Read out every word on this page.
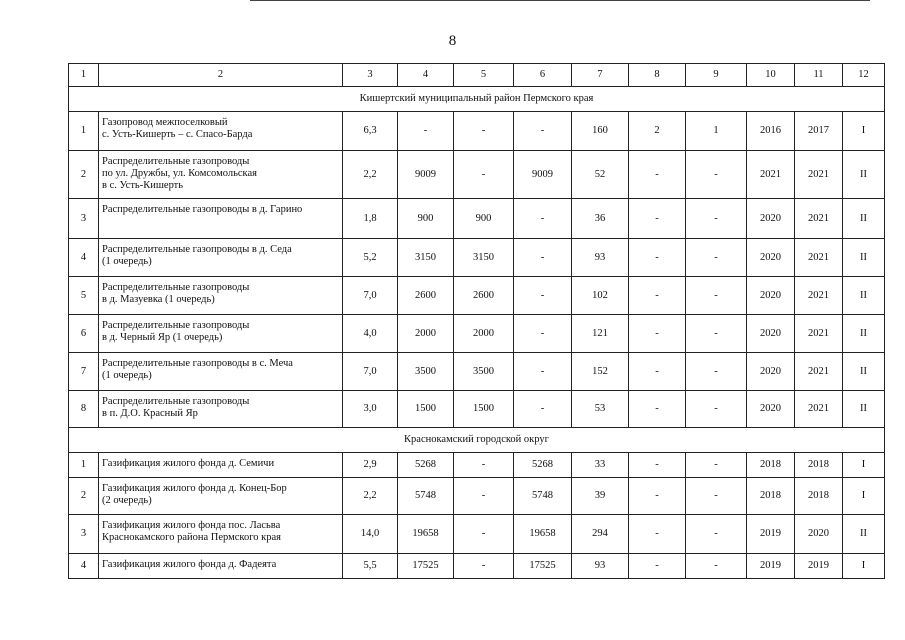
8
1	2	3	4	5	6	7	8	9	10	11	12
Кишертский муниципальный район Пермского края											
1	Газопровод межпоселковый
с. Усть-Кишерть – с. Спасо-Барда	6,3	-	-	-	160	2	1	2016	2017	I
2	Распределительные газопроводы
по ул. Дружбы, ул. Комсомольская
в с. Усть-Кишерть	2,2	9009	-	9009	52	-	-	2021	2021	II
3	Распределительные газопроводы в д. Гарино	1,8	900	900	-	36	-	-	2020	2021	II
4	Распределительные газопроводы в д. Седа
(1 очередь)	5,2	3150	3150	-	93	-	-	2020	2021	II
5	Распределительные газопроводы
в д. Мазуевка (1 очередь)	7,0	2600	2600	-	102	-	-	2020	2021	II
6	Распределительные газопроводы
в д. Черный Яр (1 очередь)	4,0	2000	2000	-	121	-	-	2020	2021	II
7	Распределительные газопроводы в с. Меча
(1 очередь)	7,0	3500	3500	-	152	-	-	2020	2021	II
8	Распределительные газопроводы
в п. Д.О. Красный Яр	3,0	1500	1500	-	53	-	-	2020	2021	II
Краснокамский городской округ											
1	Газификация жилого фонда д. Семичи	2,9	5268	-	5268	33	-	-	2018	2018	I
2	Газификация жилого фонда д. Конец-Бор
(2 очередь)	2,2	5748	-	5748	39	-	-	2018	2018	I
3	Газификация жилого фонда пос. Ласьва
Краснокамского района Пермского края	14,0	19658	-	19658	294	-	-	2019	2020	II
4	Газификация жилого фонда д. Фадеята	5,5	17525	-	17525	93	-	-	2019	2019	I
